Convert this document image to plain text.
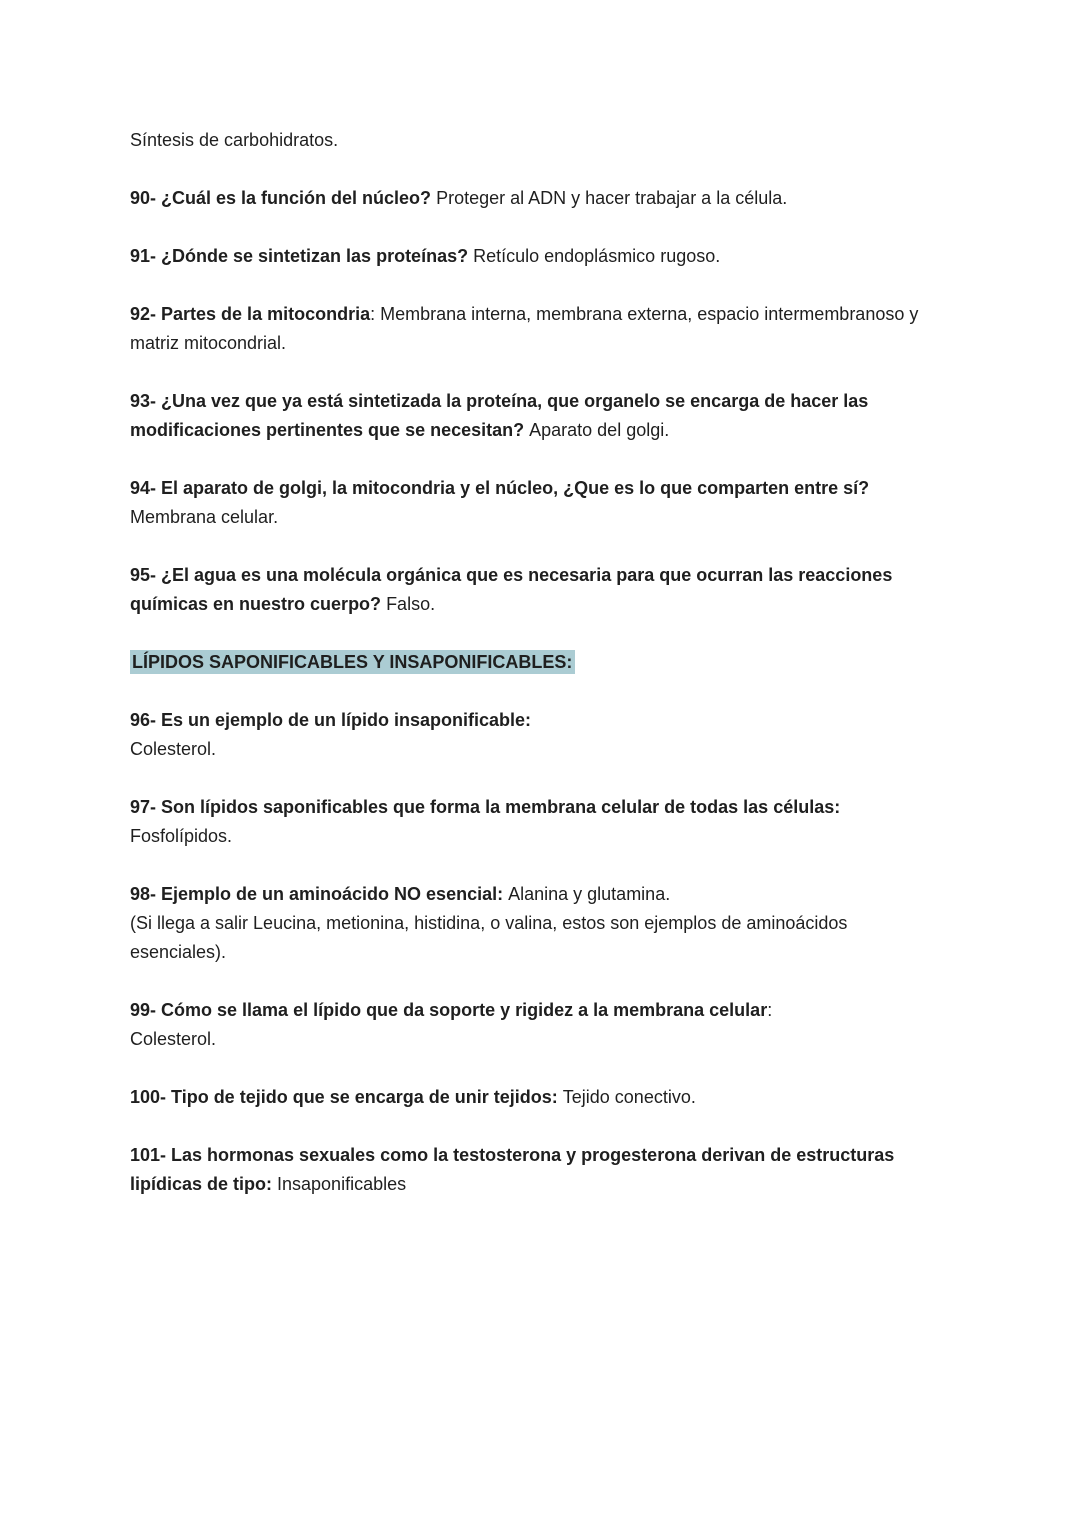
Síntesis de carbohidratos.

90- ¿Cuál es la función del núcleo? Proteger al ADN y hacer trabajar a la célula.

91- ¿Dónde se sintetizan las proteínas? Retículo endoplásmico rugoso.

92- Partes de la mitocondria: Membrana interna, membrana externa, espacio intermembranoso y matriz mitocondrial.

93- ¿Una vez que ya está sintetizada la proteína, que organelo se encarga de hacer las modificaciones pertinentes que se necesitan? Aparato del golgi.

94- El aparato de golgi, la mitocondria y el núcleo, ¿Que es lo que comparten entre sí?  Membrana celular.

95- ¿El agua es una molécula orgánica que es necesaria para que ocurran las reacciones químicas en nuestro cuerpo? Falso.

LÍPIDOS SAPONIFICABLES Y INSAPONIFICABLES:

96- Es un ejemplo de un lípido insaponificable:
Colesterol.

97- Son lípidos saponificables que forma la membrana celular de todas las células: Fosfolípidos.

98- Ejemplo de un aminoácido NO esencial: Alanina y glutamina.
(Si llega a salir Leucina, metionina, histidina, o valina, estos son ejemplos de aminoácidos esenciales).

99- Cómo se llama el lípido que da soporte y rigidez a la membrana celular:
Colesterol.

100- Tipo de tejido que se encarga de unir tejidos: Tejido conectivo.

101- Las hormonas sexuales como la testosterona y progesterona derivan de estructuras lipídicas de tipo: Insaponificables
